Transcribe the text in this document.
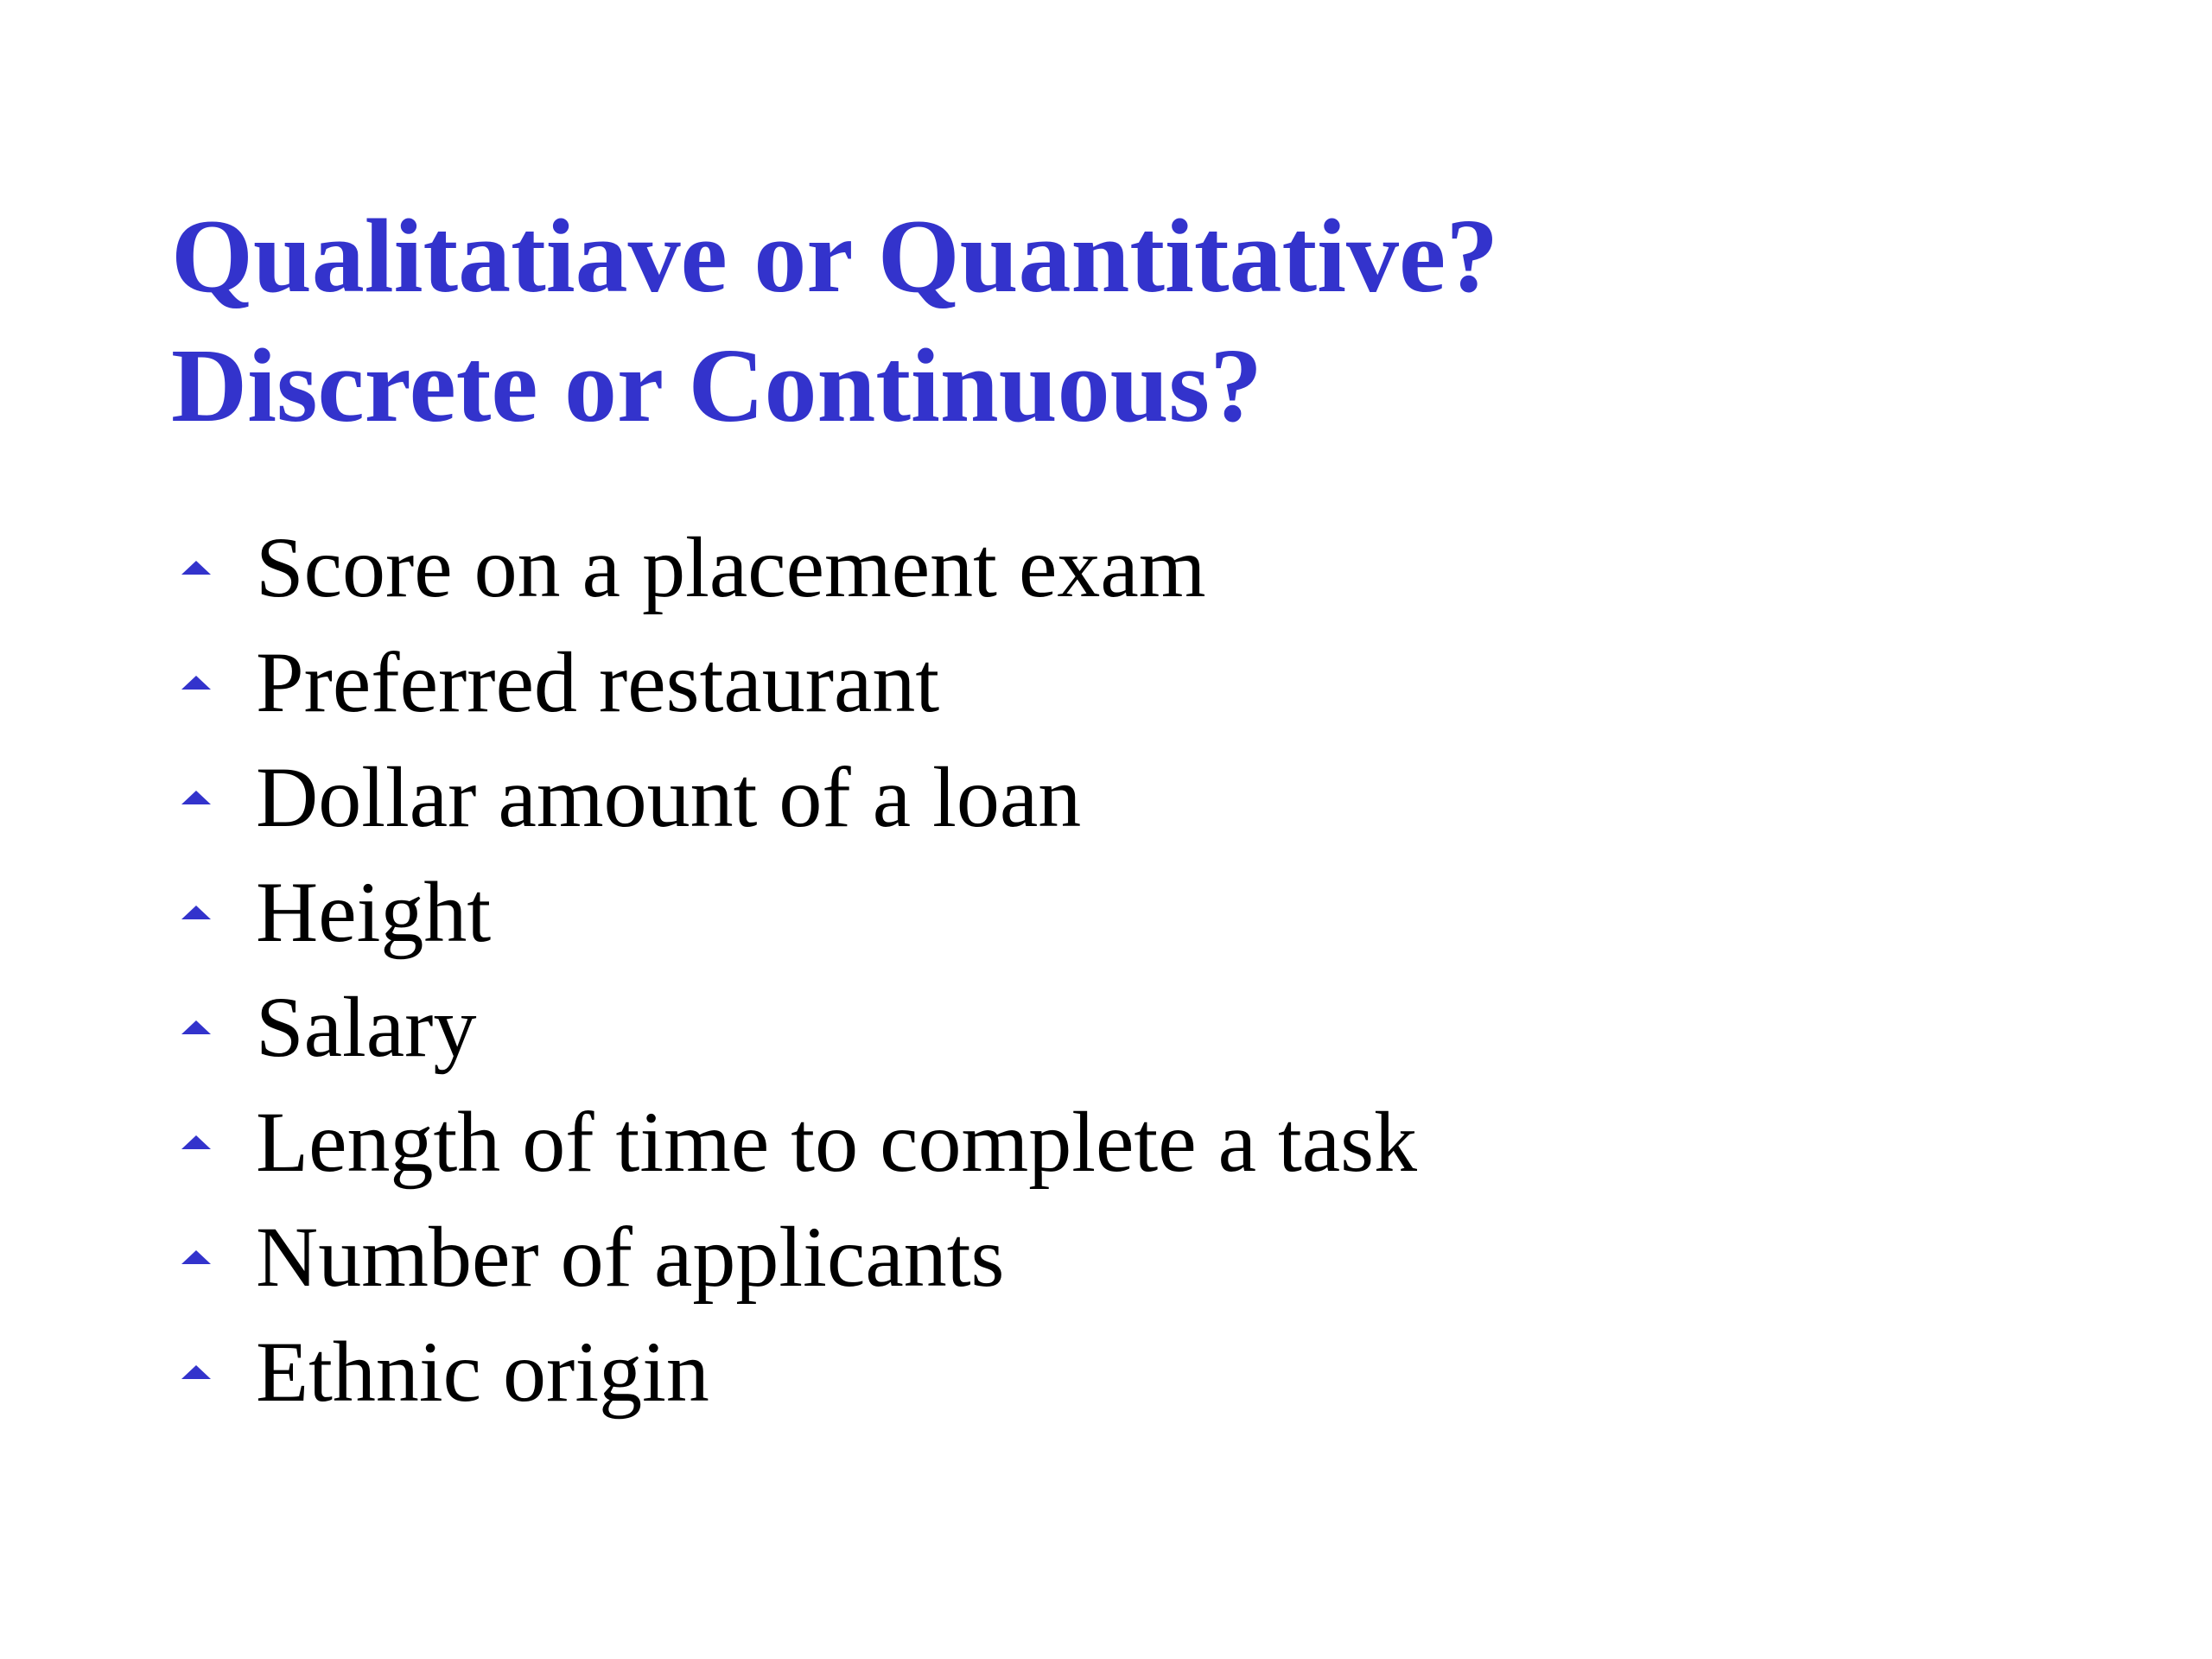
Qualitatiave or Quantitative?
Discrete or Continuous?
Score on a placement exam
Preferred restaurant
Dollar amount of a loan
Height
Salary
Length of time to complete a task
Number of applicants
Ethnic origin
